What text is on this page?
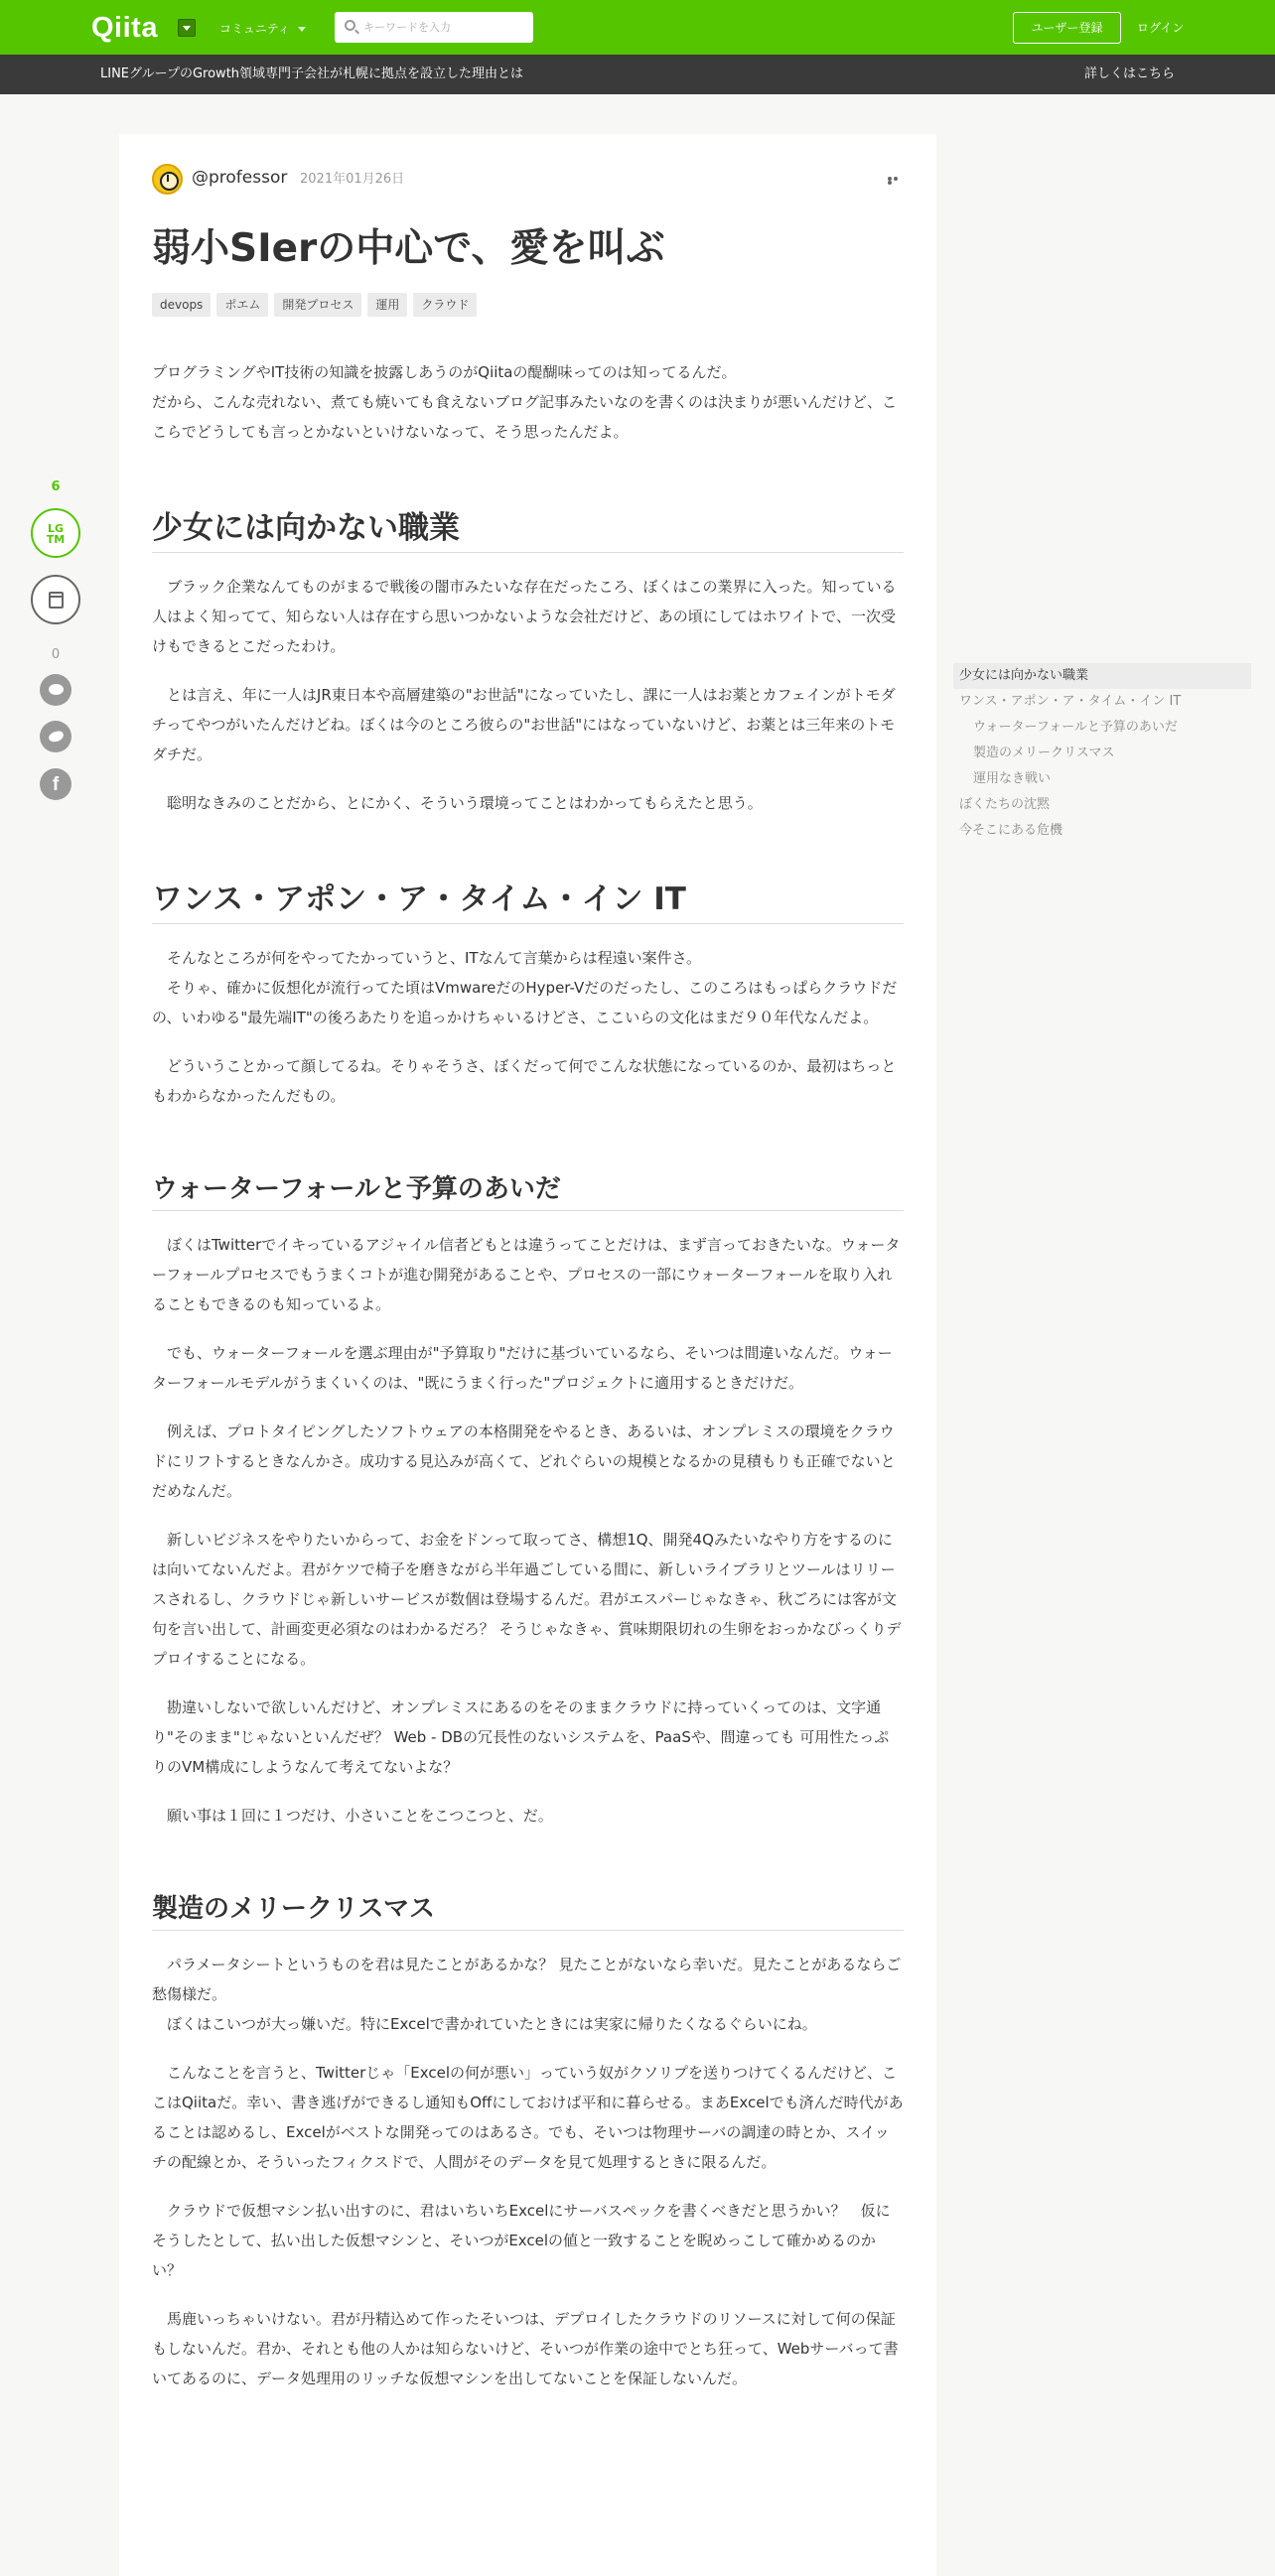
Qiita	コミュニティ
キーワードを入力	ユーザー登録	ログイン
LINEグループのGrowth領域専門子会社が札幌に拠点を設立した理由とは	詳しくはこちら
6
LG
TM
0
f
@professor 2021年01月26日
弱小SIerの中心で、愛を叫ぶ
devops ポエム 開発プロセス 運用 クラウド

プログラミングやIT技術の知識を披露しあうのがQiitaの醍醐味ってのは知ってるんだ。
だから、こんな売れない、煮ても焼いても食えないブログ記事みたいなのを書くのは決まりが悪いんだけど、ここらでどうしても言っとかないといけないなって、そう思ったんだよ。

少女には向かない職業

　ブラック企業なんてものがまるで戦後の闇市みたいな存在だったころ、ぼくはこの業界に入った。知っている人はよく知ってて、知らない人は存在すら思いつかないような会社だけど、あの頃にしてはホワイトで、一次受けもできるとこだったわけ。

　とは言え、年に一人はJR東日本や高層建築の"お世話"になっていたし、課に一人はお薬とカフェインがトモダチってやつがいたんだけどね。ぼくは今のところ彼らの"お世話"にはなっていないけど、お薬とは三年来のトモダチだ。

　聡明なきみのことだから、とにかく、そういう環境ってことはわかってもらえたと思う。

ワンス・アポン・ア・タイム・イン IT

　そんなところが何をやってたかっていうと、ITなんて言葉からは程遠い案件さ。
　そりゃ、確かに仮想化が流行ってた頃はVmwareだのHyper-Vだのだったし、このころはもっぱらクラウドだの、いわゆる"最先端IT"の後ろあたりを追っかけちゃいるけどさ、ここいらの文化はまだ９０年代なんだよ。

　どういうことかって顔してるね。そりゃそうさ、ぼくだって何でこんな状態になっているのか、最初はちっともわからなかったんだもの。

ウォーターフォールと予算のあいだ

　ぼくはTwitterでイキっているアジャイル信者どもとは違うってことだけは、まず言っておきたいな。ウォーターフォールプロセスでもうまくコトが進む開発があることや、プロセスの一部にウォーターフォールを取り入れることもできるのも知っているよ。

　でも、ウォーターフォールを選ぶ理由が"予算取り"だけに基づいているなら、そいつは間違いなんだ。ウォーターフォールモデルがうまくいくのは、"既にうまく行った"プロジェクトに適用するときだけだ。

　例えば、プロトタイピングしたソフトウェアの本格開発をやるとき、あるいは、オンプレミスの環境をクラウドにリフトするときなんかさ。成功する見込みが高くて、どれぐらいの規模となるかの見積もりも正確でないとだめなんだ。

　新しいビジネスをやりたいからって、お金をドンって取ってさ、構想1Q、開発4Qみたいなやり方をするのには向いてないんだよ。君がケツで椅子を磨きながら半年過ごしている間に、新しいライブラリとツールはリリースされるし、クラウドじゃ新しいサービスが数個は登場するんだ。君がエスパーじゃなきゃ、秋ごろには客が文句を言い出して、計画変更必須なのはわかるだろ？ そうじゃなきゃ、賞味期限切れの生卵をおっかなびっくりデプロイすることになる。

　勘違いしないで欲しいんだけど、オンプレミスにあるのをそのままクラウドに持っていくってのは、文字通り"そのまま"じゃないといんだぜ？ Web - DBの冗長性のないシステムを、PaaSや、間違っても 可用性たっぷりのVM構成にしようなんて考えてないよな？

　願い事は１回に１つだけ、小さいことをこつこつと、だ。

製造のメリークリスマス

　パラメータシートというものを君は見たことがあるかな？ 見たことがないなら幸いだ。見たことがあるならご愁傷様だ。
　ぼくはこいつが大っ嫌いだ。特にExcelで書かれていたときには実家に帰りたくなるぐらいにね。

　こんなことを言うと、Twitterじゃ「Excelの何が悪い」っていう奴がクソリプを送りつけてくるんだけど、ここはQiitaだ。幸い、書き逃げができるし通知もOffにしておけば平和に暮らせる。まあExcelでも済んだ時代があることは認めるし、Excelがベストな開発ってのはあるさ。でも、そいつは物理サーバの調達の時とか、スイッチの配線とか、そういったフィクスドで、人間がそのデータを見て処理するときに限るんだ。

　クラウドで仮想マシン払い出すのに、君はいちいちExcelにサーバスペックを書くべきだと思うかい？　仮にそうしたとして、払い出した仮想マシンと、そいつがExcelの値と一致することを睨めっこして確かめるのかい？

　馬鹿いっちゃいけない。君が丹精込めて作ったそいつは、デプロイしたクラウドのリソースに対して何の保証もしないんだ。君か、それとも他の人かは知らないけど、そいつが作業の途中でとち狂って、Webサーバって書いてあるのに、データ処理用のリッチな仮想マシンを出してないことを保証しないんだ。

少女には向かない職業
ワンス・アポン・ア・タイム・イン IT
ウォーターフォールと予算のあいだ
製造のメリークリスマス
運用なき戦い
ぼくたちの沈黙
今そこにある危機
